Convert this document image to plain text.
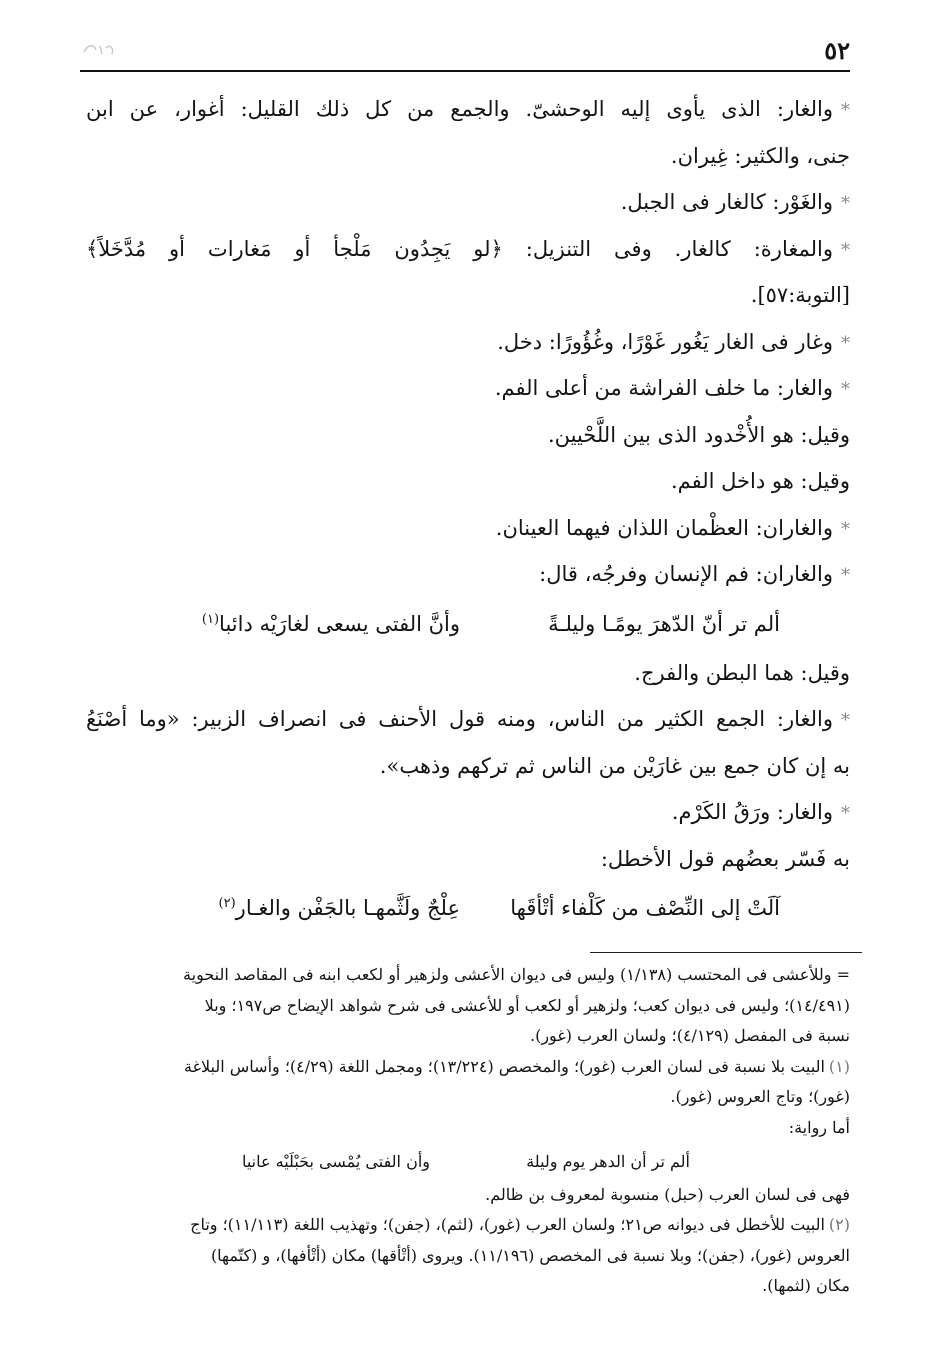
٥٢
*والغار: الذى يأوى إليه الوحشىّ. والجمع من كل ذلك القليل: أغوار، عن ابن
جنى، والكثير: غِيران.
*والغَوْر: كالغار فى الجبل.
*والمغارة: كالغار. وفى التنزيل: ﴿لو يَجِدُون مَلْجأ أو مَغارات أو مُدَّخَلاً﴾
[التوبة:٥٧].
*وغار فى الغار يَغُور غَوْرًا، وغُؤُورًا: دخل.
*والغار: ما خلف الفراشة من أعلى الفم.
وقيل: هو الأُخْدود الذى بين اللَّحْيين.
وقيل: هو داخل الفم.
*والغاران: العظْمان اللذان فيهما العينان.
*والغاران: فم الإنسان وفرجُه، قال:
ألم تر أنّ الدّهرَ يومًـا وليلـةً
وأنَّ الفتى يسعى لغارَيْه دائبا$^{(١)}$
وقيل: هما البطن والفرج.
*والغار: الجمع الكثير من الناس، ومنه قول الأحنف فى انصراف الزبير: «وما أصْنَعُ
به إن كان جمع بين غارَيْن من الناس ثم تركهم وذهب».
*والغار: ورَقُ الكَرْم.
به فَسّر بعضُهم قول الأخطل:
آلَتْ إلى النِّصْف من كَلْفاء أتْأقَها
عِلْجٌ ولَثَّمهـا بالجَفْن والغـار$^{(٢)}$
= وللأعشى فى المحتسب (١/١٣٨) وليس فى ديوان الأعشى ولزهير أو لكعب ابنه فى المقاصد النحوية
(١٤/٤٩١)؛ وليس فى ديوان كعب؛ ولزهير أو لكعب أو للأعشى فى شرح شواهد الإيضاح ص١٩٧؛ وبلا
نسبة فى المفصل (٤/١٢٩)؛ ولسان العرب (غور).
(١)البيت بلا نسبة فى لسان العرب (غور)؛ والمخصص (١٣/٢٢٤)؛ ومجمل اللغة (٤/٢٩)؛ وأساس البلاغة
(غور)؛ وتاج العروس (غور).
أما رواية:
ألم تر أن الدهر يوم وليلة
وأن الفتى يُمْسى بحَبْلَيْه عانيا
فهى فى لسان العرب (حبل) منسوبة لمعروف بن ظالم.
(٢)البيت للأخطل فى ديوانه ص٢١؛ ولسان العرب (غور)، (لثم)، (جفن)؛ وتهذيب اللغة (١١/١١٣)؛ وتاج
العروس (غور)، (جفن)؛ وبلا نسبة فى المخصص (١١/١٩٦). ويروى (أتْأقها) مكان (أتْأفها)، و (كتّمها)
مكان (لثمها).
